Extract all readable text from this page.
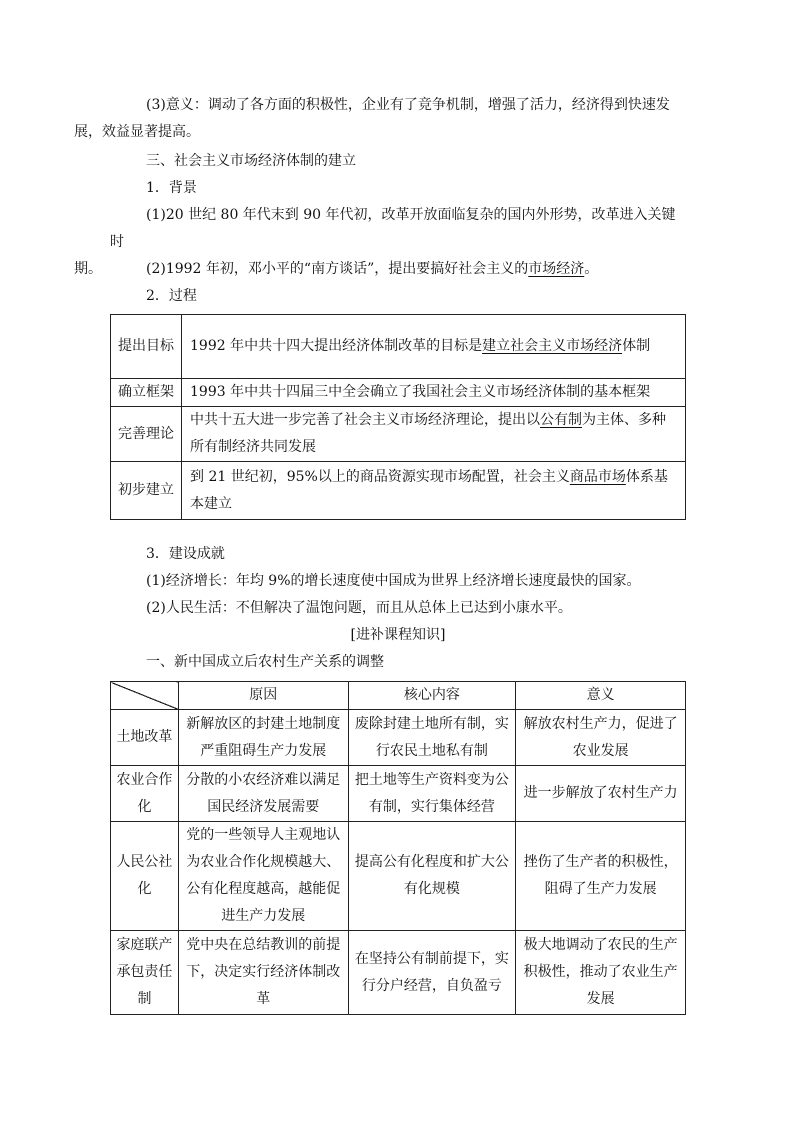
(3)意义：调动了各方面的积极性，企业有了竞争机制，增强了活力，经济得到快速发
展，效益显著提高。
三、社会主义市场经济体制的建立
1．背景
(1)20 世纪 80 年代末到 90 年代初，改革开放面临复杂的国内外形势，改革进入关键时
期。	(2)1992 年初，邓小平的“南方谈话”，提出要搞好社会主义的市场经济。
2．过程
提出目标	1992 年中共十四大提出经济体制改革的目标是建立社会主义市场经济体制
确立框架	1993 年中共十四届三中全会确立了我国社会主义市场经济体制的基本框架
完善理论	中共十五大进一步完善了社会主义市场经济理论，提出以公有制为主体、多种所有制经济共同发展
初步建立	到 21 世纪初，95%以上的商品资源实现市场配置，社会主义商品市场体系基本建立
3．建设成就
(1)经济增长：年均 9%的增长速度使中国成为世界上经济增长速度最快的国家。
(2)人民生活：不但解决了温饱问题，而且从总体上已达到小康水平。
[进补课程知识]
一、新中国成立后农村生产关系的调整
	原因	核心内容	意义
土地改革	新解放区的封建土地制度严重阻碍生产力发展	废除封建土地所有制，实行农民土地私有制	解放农村生产力，促进了农业发展
农业合作化	分散的小农经济难以满足国民经济发展需要	把土地等生产资料变为公有制，实行集体经营	进一步解放了农村生产力
人民公社化	党的一些领导人主观地认为农业合作化规模越大、公有化程度越高，越能促进生产力发展	提高公有化程度和扩大公有化规模	挫伤了生产者的积极性，阻碍了生产力发展
家庭联产承包责任制	党中央在总结教训的前提下，决定实行经济体制改革	在坚持公有制前提下，实行分户经营，自负盈亏	极大地调动了农民的生产积极性，推动了农业生产发展
